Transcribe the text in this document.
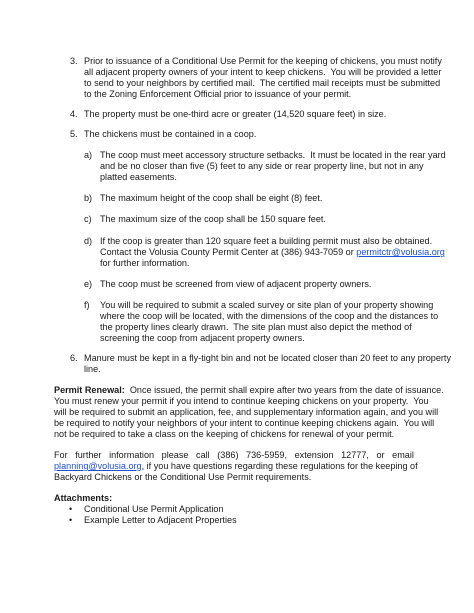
3. Prior to issuance of a Conditional Use Permit for the keeping of chickens, you must notify
all adjacent property owners of your intent to keep chickens.  You will be provided a letter
to send to your neighbors by certified mail.  The certified mail receipts must be submitted
to the Zoning Enforcement Official prior to issuance of your permit.
4. The property must be one-third acre or greater (14,520 square feet) in size.
5. The chickens must be contained in a coop.
a) The coop must meet accessory structure setbacks.  It must be located in the rear yard
and be no closer than five (5) feet to any side or rear property line, but not in any
platted easements.
b) The maximum height of the coop shall be eight (8) feet.
c) The maximum size of the coop shall be 150 square feet.
d) If the coop is greater than 120 square feet a building permit must also be obtained.
Contact the Volusia County Permit Center at (386) 943-7059 or permitctr@volusia.org
for further information.
e) The coop must be screened from view of adjacent property owners.
f) You will be required to submit a scaled survey or site plan of your property showing
where the coop will be located, with the dimensions of the coop and the distances to
the property lines clearly drawn.  The site plan must also depict the method of
screening the coop from adjacent property owners.
6. Manure must be kept in a fly-tight bin and not be located closer than 20 feet to any property
line.
Permit Renewal:  Once issued, the permit shall expire after two years from the date of issuance.
You must renew your permit if you intend to continue keeping chickens on your property.  You
will be required to submit an application, fee, and supplementary information again, and you will
be required to notify your neighbors of your intent to continue keeping chickens again.  You will
not be required to take a class on the keeping of chickens for renewal of your permit.
For   further   information   please   call   (386)   736-5959,   extension   12777,   or   email
planning@volusia.org, if you have questions regarding these regulations for the keeping of
Backyard Chickens or the Conditional Use Permit requirements.
Attachments:
• Conditional Use Permit Application
• Example Letter to Adjacent Properties
